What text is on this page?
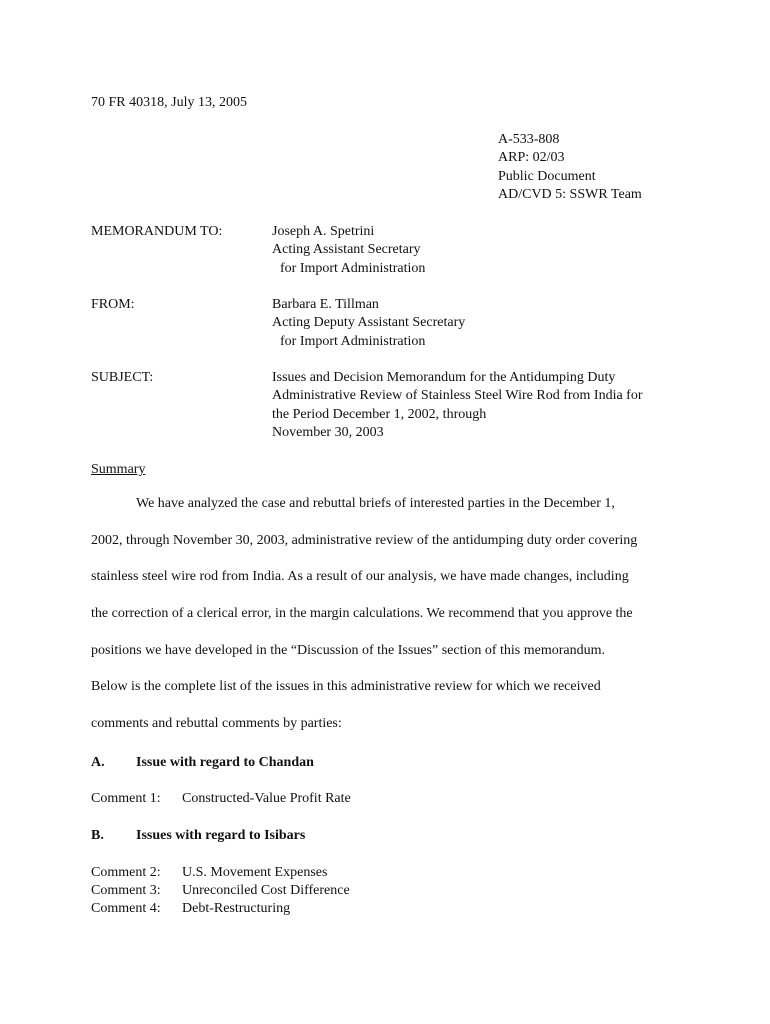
70 FR 40318, July 13, 2005
A-533-808
ARP: 02/03
Public Document
AD/CVD 5: SSWR Team
MEMORANDUM TO:	Joseph A. Spetrini
Acting Assistant Secretary
for Import Administration
FROM:	Barbara E. Tillman
Acting Deputy Assistant Secretary
for Import Administration
SUBJECT:	Issues and Decision Memorandum for the Antidumping Duty
Administrative Review of Stainless Steel Wire Rod from India for
the Period December 1, 2002, through
November 30, 2003
Summary
We have analyzed the case and rebuttal briefs of interested parties in the December 1,
2002, through November 30, 2003, administrative review of the antidumping duty order covering
stainless steel wire rod from India. As a result of our analysis, we have made changes, including
the correction of a clerical error, in the margin calculations. We recommend that you approve the
positions we have developed in the “Discussion of the Issues” section of this memorandum.
Below is the complete list of the issues in this administrative review for which we received
comments and rebuttal comments by parties:
A. Issue with regard to Chandan
Comment 1: Constructed-Value Profit Rate
B. Issues with regard to Isibars
Comment 2: U.S. Movement Expenses
Comment 3: Unreconciled Cost Difference
Comment 4: Debt-Restructuring
